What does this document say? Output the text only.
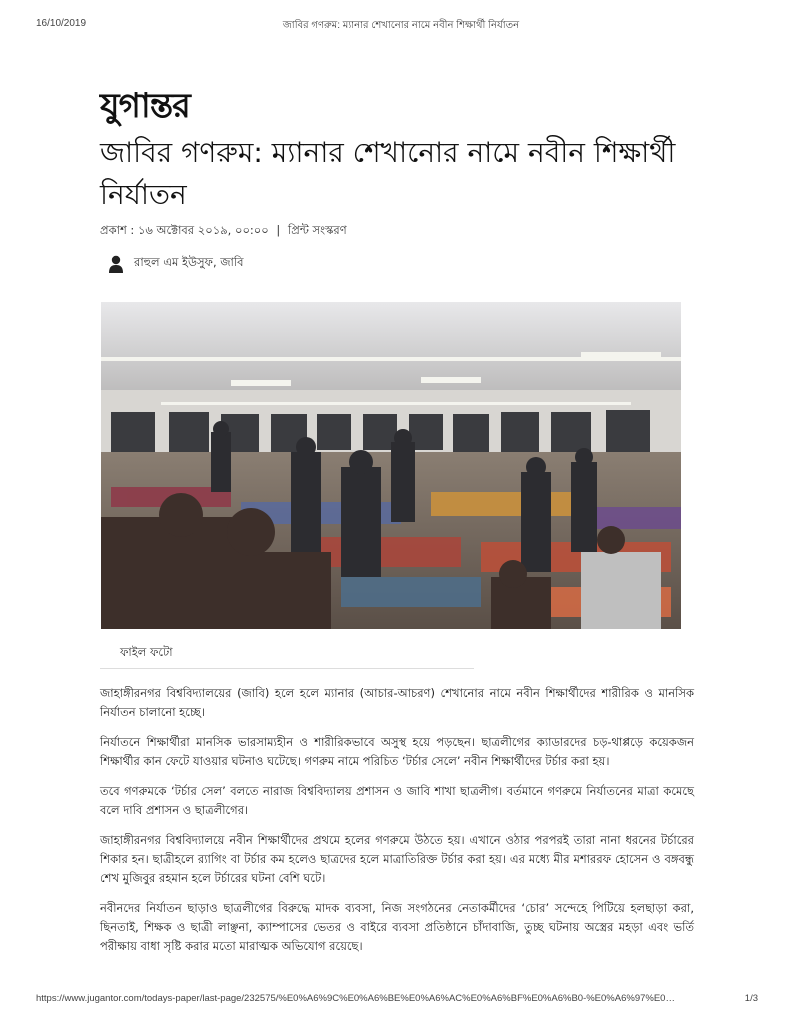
16/10/2019	জাবির গণরুম: ম্যানার শেখানোর নামে নবীন শিক্ষার্থী নির্যাতন
যুগান্তর
জাবির গণরুম: ম্যানার শেখানোর নামে নবীন শিক্ষার্থী নির্যাতন
প্রকাশ : ১৬ অক্টোবর ২০১৯, ০০:০০ | প্রিন্ট সংস্করণ
রাহুল এম ইউসুফ, জাবি
ফাইল ফটো

জাহাঙ্গীরনগর বিশ্ববিদ্যালয়ের (জাবি) হলে হলে ম্যানার (আচার-আচরণ) শেখানোর নামে নবীন শিক্ষার্থীদের শারীরিক ও মানসিক নির্যাতন চালানো হচ্ছে।

নির্যাতনে শিক্ষার্থীরা মানসিক ভারসাম্যহীন ও শারীরিকভাবে অসুস্থ হয়ে পড়ছেন। ছাত্রলীগের ক্যাডারদের চড়-থাপ্পড়ে কয়েকজন শিক্ষার্থীর কান ফেটে যাওয়ার ঘটনাও ঘটেছে। গণরুম নামে পরিচিত ‘টর্চার সেলে’ নবীন শিক্ষার্থীদের টর্চার করা হয়।

তবে গণরুমকে ‘টর্চার সেল’ বলতে নারাজ বিশ্ববিদ্যালয় প্রশাসন ও জাবি শাখা ছাত্রলীগ। বর্তমানে গণরুমে নির্যাতনের মাত্রা কমেছে বলে দাবি প্রশাসন ও ছাত্রলীগের।

জাহাঙ্গীরনগর বিশ্ববিদ্যালয়ে নবীন শিক্ষার্থীদের প্রথমে হলের গণরুমে উঠতে হয়। এখানে ওঠার পরপরই তারা নানা ধরনের টর্চারের শিকার হন। ছাত্রীহলে র‌্যাগিং বা টর্চার কম হলেও ছাত্রদের হলে মাত্রাতিরিক্ত টর্চার করা হয়। এর মধ্যে মীর মশাররফ হোসেন ও বঙ্গবন্ধু শেখ মুজিবুর রহমান হলে টর্চারের ঘটনা বেশি ঘটে।

নবীনদের নির্যাতন ছাড়াও ছাত্রলীগের বিরুদ্ধে মাদক ব্যবসা, নিজ সংগঠনের নেতাকর্মীদের ‘চোর’ সন্দেহে পিটিয়ে হলছাড়া করা, ছিনতাই, শিক্ষক ও ছাত্রী লাঞ্ছনা, ক্যাম্পাসের ভেতর ও বাইরে ব্যবসা প্রতিষ্ঠানে চাঁদাবাজি, তুচ্ছ ঘটনায় অস্ত্রের মহড়া এবং ভর্তি পরীক্ষায় বাধা সৃষ্টি করার মতো মারাত্মক অভিযোগ রয়েছে।

https://www.jugantor.com/todays-paper/last-page/232575/%E0%A6%9C%E0%A6%BE%E0%A6%AC%E0%A6%BF%E0%A6%B0-%E0%A6%97%E0…	1/3
